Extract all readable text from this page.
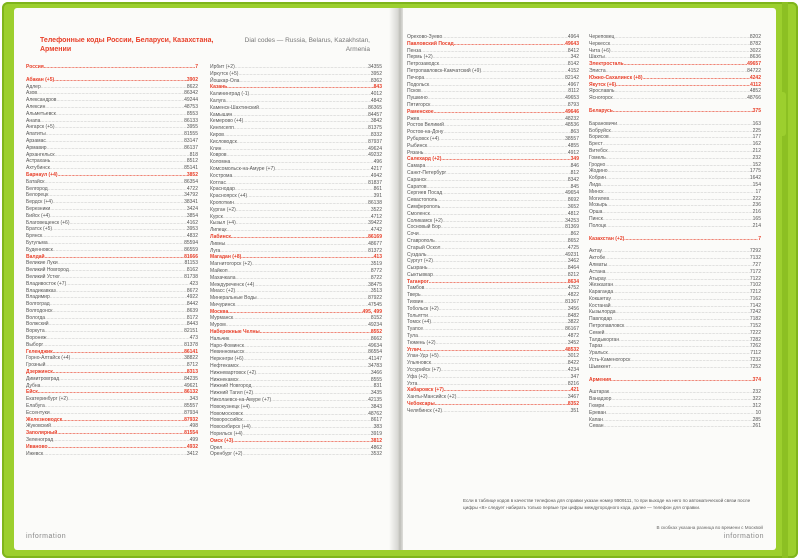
Телефонные коды России, Беларуси, Казахстана, Армении
Dial codes — Russia, Belarus, Kazakhstan, Armenia
Россия .....	7
Абакан (+5) .....	3902
Адлер .....	8622
Азов .....	86342
Александров .....	49244
Алексин .....	48753
Альметьевск .....	8553
Анапа .....	86133
Ангарск (+5) .....	3955
Апатиты .....	81555
Арзамас .....	83147
Армавир .....	86137
Архангельск .....	818
Астрахань .....	8512
Ахтубинск .....	85141
Барнаул (+4) .....	3852
Батайск .....	86354
Белгород .....	4722
Белорецк .....	34792
Бердск (+4) .....	38341
Березники .....	3424
Бийск (+4) .....	3854
Благовещенск (+6) .....	4162
Братск (+5) .....	3953
Брянск .....	4832
Бугульма .....	85594
Буденновск .....	86559
Валдай .....	81666
Великие Луки .....	81153
Великий Новгород .....	8162
Великий Устюг .....	81738
Владивосток (+7) .....	423
Владикавказ .....	8672
Владимир .....	4922
Волгоград .....	8442
Волгодонск .....	8639
Вологда .....	8172
Волжский .....	8443
Воркута .....	82151
Воронеж .....	473
Выборг .....	81378
Геленджик .....	86141
Горно-Алтайск (+4) .....	38822
Грозный .....	8712
Дзержинск .....	8313
Димитровград .....	84235
Дубна .....	49621
Ейск .....	86132
Екатеринбург (+2) .....	343
Елабуга .....	85557
Ессентуки .....	87934
Железноводск .....	87932
Жуковский .....	498
Заполярный .....	81554
Зеленоград .....	499
Иваново .....	4932
Ижевск .....	3412
Ирбит (+2) .....	34355
Иркутск (+5) .....	3952
Йошкар-Ола .....	8362
Казань .....	843
Калининград (-1) .....	4012
Калуга .....	4842
Каменск-Шахтинский .....	86365
Камышин .....	84457
Кемерово (+4) .....	3842
Кингисепп .....	81375
Киров .....	8332
Кисловодск .....	87937
Клин .....	49624
Ковров .....	49232
Коломна .....	496
Комсомольск-на-Амуре (+7) .....	4217
Кострома .....	4942
Котлас .....	81837
Краснодар .....	861
Красноярск (+4) .....	391
Кропоткин .....	86138
Курган (+2) .....	3522
Курск .....	4712
Кызыл (+4) .....	39422
Липецк .....	4742
Лабинск .....	86169
Ливны .....	48677
Луга .....	81372
Магадан (+8) .....	413
Магнитогорск (+2) .....	3519
Майкоп .....	8772
Махачкала .....	8722
Междуреченск (+4) .....	38475
Миасс (+2) .....	3513
Минеральные Воды .....	87922
Мичуринск .....	47545
Москва .....	495, 499
Мурманск .....	8152
Муром .....	49234
Набережные Челны .....	8552
Нальчик .....	8662
Наро-Фоминск .....	49634
Невинномысск .....	86554
Нерюнгри (+6) .....	41147
Нефтекамск .....	34783
Нижневартовск (+2) .....	3466
Нижнекамск .....	8555
Нижний Новгород .....	831
Нижний Тагил (+2) .....	3435
Николаевск-на-Амуре (+7) .....	42135
Новокузнецк (+4) .....	3843
Новомосковск .....	48762
Новороссийск .....	8617
Новосибирск (+4) .....	383
Норильск (+4) .....	3919
Омск (+3) .....	3812
Орел .....	4862
Оренбург (+2) .....	3532
information
Орехово-Зуево .....	4964
Павловский Посад .....	49643
Пенза .....	8412
Пермь (+2) .....	342
Петрозаводск .....	8142
Петропавловск-Камчатский (+9) .....	4152
Печора .....	82142
Подольск .....	4967
Псков .....	8112
Пушкино .....	49653
Пятигорск .....	8793
Раменское .....	49646
Ржев .....	48232
Ростов Великий .....	48536
Ростов-на-Дону .....	863
Рубцовск (+4) .....	38557
Рыбинск .....	4855
Рязань .....	4912
Салехард (+2) .....	349
Самара .....	846
Санкт-Петербург .....	812
Саранск .....	8342
Саратов .....	845
Сергиев Посад .....	49654
Севастополь .....	8692
Симферополь .....	3652
Смоленск .....	4812
Соликамск (+2) .....	34253
Сосновый Бор .....	81369
Сочи .....	862
Ставрополь .....	8652
Старый Оскол .....	4725
Суздаль .....	49231
Сургут (+2) .....	3462
Сызрань .....	8464
Сыктывкар .....	8212
Таганрог .....	8634
Тамбов .....	4752
Тверь .....	4822
Тихвин .....	81367
Тобольск (+2) .....	3456
Тольятти .....	8482
Томск (+4) .....	3822
Туапсе .....	86167
Тула .....	4872
Тюмень (+2) .....	3452
Углич .....	48532
Улан-Удэ (+5) .....	3012
Ульяновск .....	8422
Уссурийск (+7) .....	4234
Уфа (+2) .....	347
Ухта .....	8216
Хабаровск (+7) .....	421
Ханты-Мансийск (+2) .....	3467
Чебоксары .....	8352
Челябинск (+2) .....	351
Череповец .....	8202
Черкесск .....	8782
Чита (+6) .....	3022
Шахты .....	8636
Электросталь .....	49657
Элиста .....	84722
Южно-Сахалинск (+8) .....	4242
Якутск (+6) .....	4112
Ярославль .....	4852
Ясногорск .....	48766
Беларусь .....	375
Барановичи .....	163
Бобруйск .....	225
Борисов .....	177
Брест .....	162
Витебск .....	212
Гомель .....	232
Гродно .....	152
Жодино .....	1775
Кобрин .....	1642
Лида .....	154
Минск .....	17
Могилев .....	222
Мозырь .....	236
Орша .....	216
Пинск .....	165
Полоцк .....	214
Казахстан (+2) .....	7
Актау .....	7292
Актобе .....	7132
Алматы .....	727
Астана .....	7172
Атырау .....	7122
Жезказган .....	7102
Караганда .....	7212
Кокшетау .....	7162
Костанай .....	7142
Кызылорда .....	7242
Павлодар .....	7182
Петропавловск .....	7152
Семей .....	7222
Талдыкорган .....	7282
Тараз .....	7262
Уральск .....	7112
Усть-Каменогорск .....	7232
Шымкент .....	7252
Армения .....	374
Аштарак .....	232
Ванадзор .....	322
Гюмри .....	312
Ереван .....	10
Капан .....	285
Севан .....	261
Если в таблице кодов в качестве телефона для справки указан номер 9909111, то при выходе на него по автоматической связи после цифры «8» следует набирать только первые три цифры междугородного кода, далее — телефон для справки.
В скобках указана разница во времени с Москвой
information
